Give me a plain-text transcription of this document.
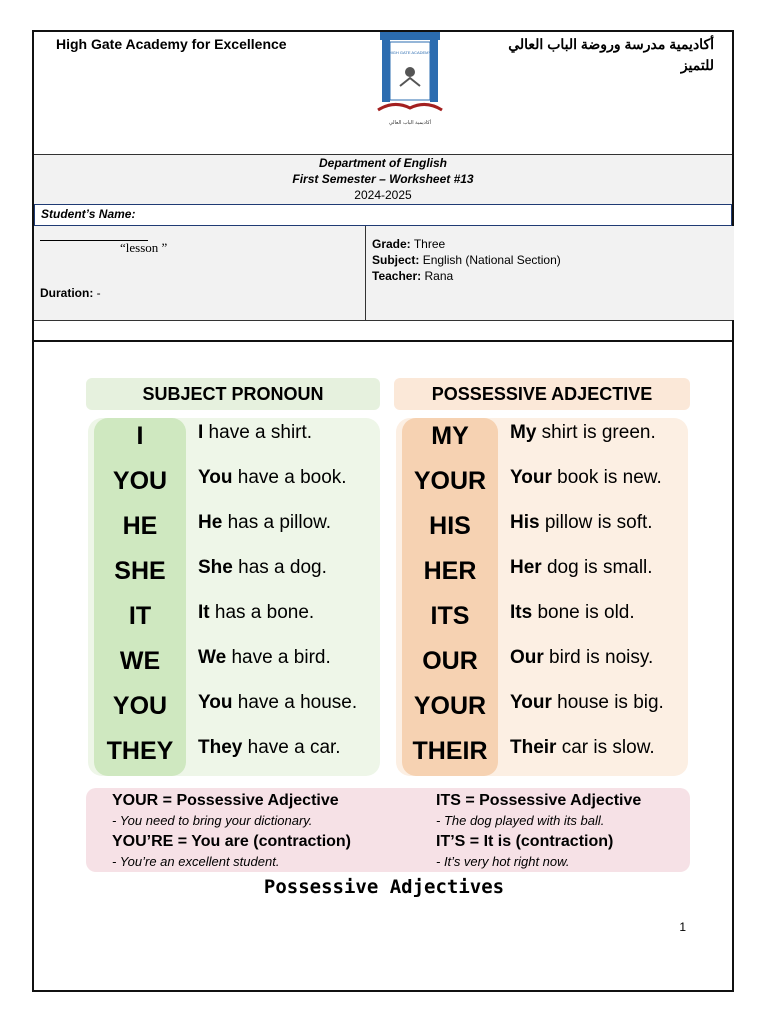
High Gate Academy for Excellence
HIGH GATE ACADEMY
أكاديمية الباب العالي
أكاديمية مدرسة وروضة الباب العالي للتميز
Department of English
First Semester – Worksheet #13
2024-2025
Student’s Name:
“lesson ”
Duration: -
Grade: Three
Subject: English (National Section)
Teacher: Rana
SUBJECT PRONOUN	POSSESSIVE ADJECTIVE
I	I have a shirt.	MY	My shirt is green.
YOU	You have a book.	YOUR	Your book is new.
HE	He has a pillow.	HIS	His pillow is soft.
SHE	She has a dog.	HER	Her dog is small.
IT	It has a bone.	ITS	Its bone is old.
WE	We have a bird.	OUR	Our bird is noisy.
YOU	You have a house.	YOUR	Your house is big.
THEY	They have a car.	THEIR	Their car is slow.
YOUR = Possessive Adjective
- You need to bring your dictionary.
YOU’RE = You are (contraction)
- You’re an excellent student.
ITS = Possessive Adjective
- The dog played with its ball.
IT’S = It is (contraction)
- It’s very hot right now.
Possessive Adjectives
1
